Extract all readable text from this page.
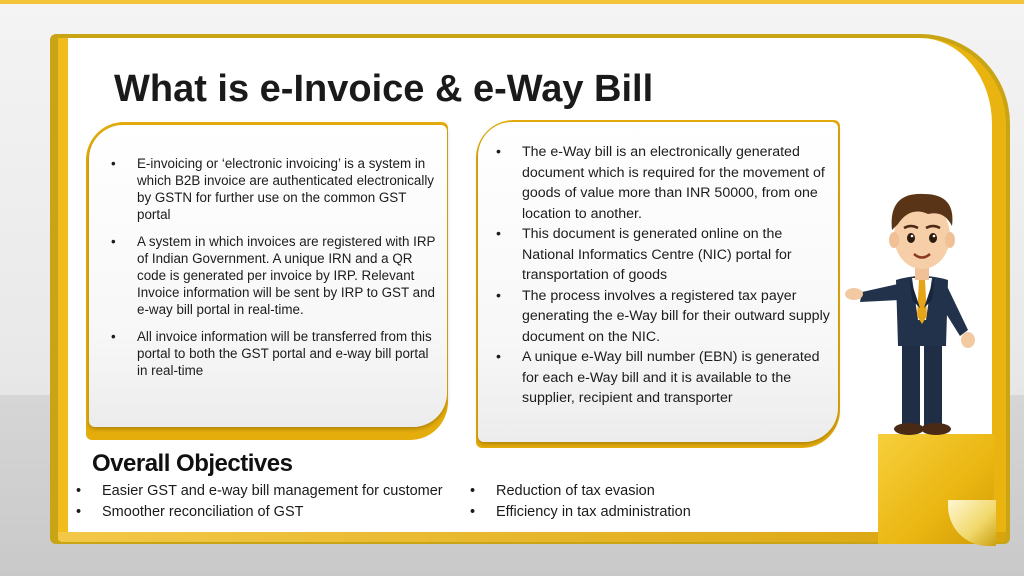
What is e-Invoice & e-Way Bill
• E-invoicing or ‘electronic invoicing’ is a system in which B2B invoice are authenticated electronically by GSTN for further use on the common GST portal
• A system in which invoices are registered with IRP of Indian Government. A unique IRN and a QR code is generated per invoice by IRP. Relevant Invoice information will be sent by IRP to GST and e-way bill portal in real-time.
• All invoice information will be transferred from this portal to both the GST portal and e-way bill portal in real-time
• The e-Way bill is an electronically generated document which is required for the movement of goods of value more than INR 50000, from one location to another.
• This document is generated online on the National Informatics Centre (NIC) portal for transportation of goods
• The process involves a registered tax payer generating the e-Way bill for their outward supply document on the NIC.
• A unique e-Way bill number (EBN) is generated for each e-Way bill and it is available to the supplier, recipient and transporter
Overall Objectives
• Easier GST and e-way bill management for customer
• Smoother reconciliation of GST
• Reduction of tax evasion
• Efficiency in tax administration
